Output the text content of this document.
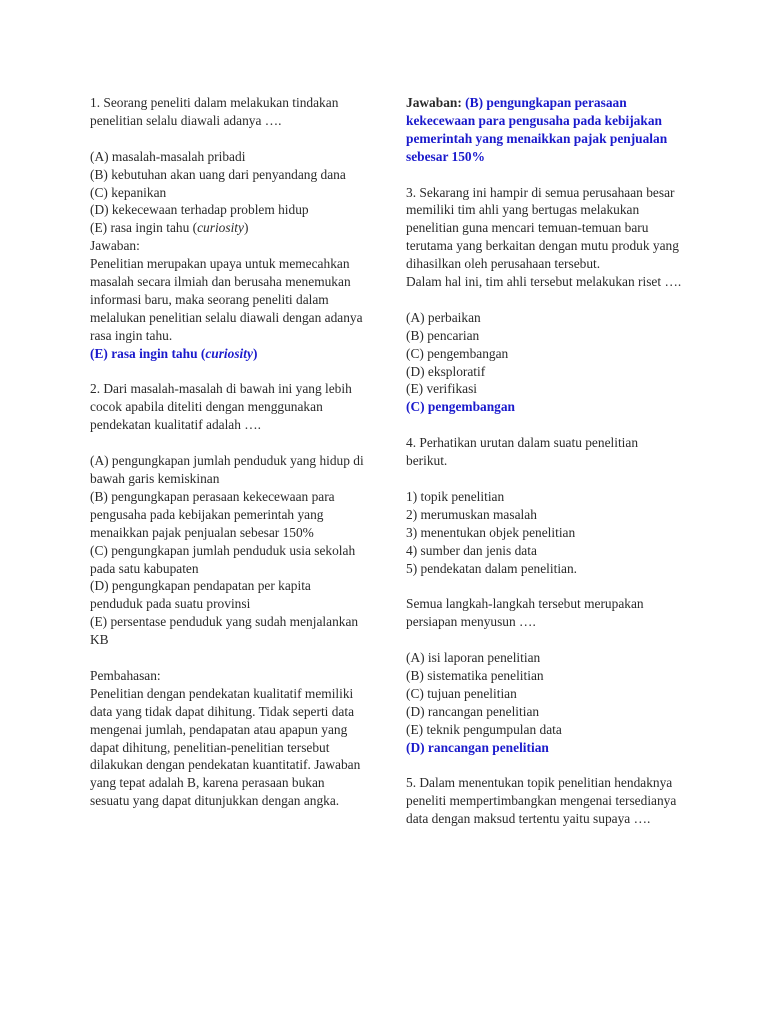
1. Seorang peneliti dalam melakukan tindakan penelitian selalu diawali adanya ….

(A) masalah-masalah pribadi

(B) kebutuhan akan uang dari penyandang dana

(C) kepanikan

(D) kekecewaan terhadap problem hidup

(E) rasa ingin tahu (curiosity)

Jawaban:

Penelitian merupakan upaya untuk memecahkan masalah secara ilmiah dan berusaha menemukan informasi baru, maka seorang peneliti dalam melalukan penelitian selalu diawali dengan adanya rasa ingin tahu.

(E) rasa ingin tahu (curiosity)

2. Dari masalah-masalah di bawah ini yang lebih cocok apabila diteliti dengan menggunakan pendekatan kualitatif adalah ….

(A) pengungkapan jumlah penduduk yang hidup di bawah garis kemiskinan

(B) pengungkapan perasaan kekecewaan para pengusaha pada kebijakan pemerintah yang menaikkan pajak penjualan sebesar 150%

(C) pengungkapan jumlah penduduk usia sekolah pada satu kabupaten

(D) pengungkapan pendapatan per kapita penduduk pada suatu provinsi

(E) persentase penduduk yang sudah menjalankan KB

Pembahasan:

Penelitian dengan pendekatan kualitatif memiliki data yang tidak dapat dihitung. Tidak seperti data mengenai jumlah, pendapatan atau apapun yang dapat dihitung, penelitian-penelitian tersebut dilakukan dengan pendekatan kuantitatif. Jawaban yang tepat adalah B, karena perasaan bukan sesuatu yang dapat ditunjukkan dengan angka.

Jawaban: (B) pengungkapan perasaan kekecewaan para pengusaha pada kebijakan pemerintah yang menaikkan pajak penjualan sebesar 150%

3. Sekarang ini hampir di semua perusahaan besar memiliki tim ahli yang bertugas melakukan penelitian guna mencari temuan-temuan baru terutama yang berkaitan dengan mutu produk yang dihasilkan oleh perusahaan tersebut.

Dalam hal ini, tim ahli tersebut melakukan riset ….

(A) perbaikan

(B) pencarian

(C) pengembangan

(D) eksploratif

(E) verifikasi

(C) pengembangan

4. Perhatikan urutan dalam suatu penelitian berikut.

1) topik penelitian

2) merumuskan masalah

3) menentukan objek penelitian

4) sumber dan jenis data

5) pendekatan dalam penelitian.

Semua langkah-langkah tersebut merupakan persiapan menyusun ….

(A) isi laporan penelitian

(B) sistematika penelitian

(C) tujuan penelitian

(D) rancangan penelitian

(E) teknik pengumpulan data

(D) rancangan penelitian

5. Dalam menentukan topik penelitian hendaknya peneliti mempertimbangkan mengenai tersedianya data dengan maksud tertentu yaitu supaya ….
